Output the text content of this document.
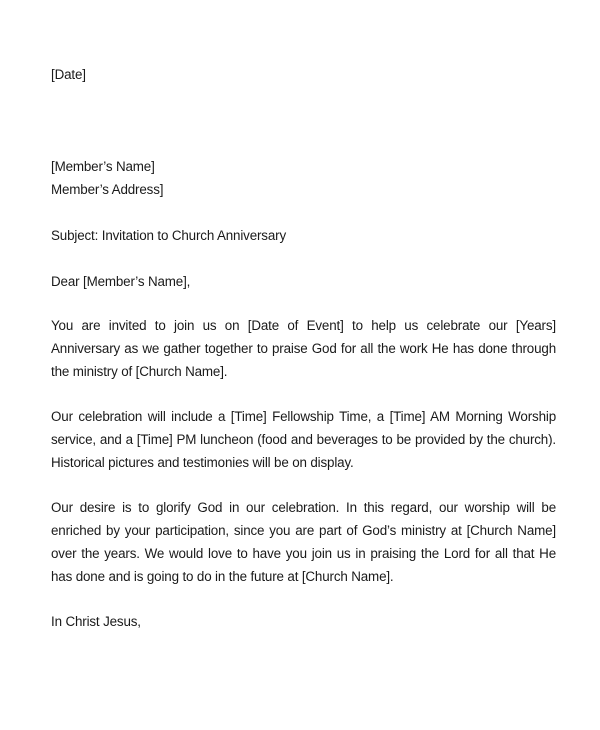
[Date]

[Member’s Name]

Member’s Address]

Subject: Invitation to Church Anniversary

Dear [Member’s Name],

You are invited to join us on [Date of Event] to help us celebrate our [Years] Anniversary as we gather together to praise God for all the work He has done through the ministry of [Church Name].

Our celebration will include a [Time] Fellowship Time, a [Time] AM Morning Worship service, and a [Time] PM luncheon (food and beverages to be provided by the church). Historical pictures and testimonies will be on display.

Our desire is to glorify God in our celebration. In this regard, our worship will be enriched by your participation, since you are part of God’s ministry at [Church Name] over the years. We would love to have you join us in praising the Lord for all that He has done and is going to do in the future at [Church Name].

In Christ Jesus,
